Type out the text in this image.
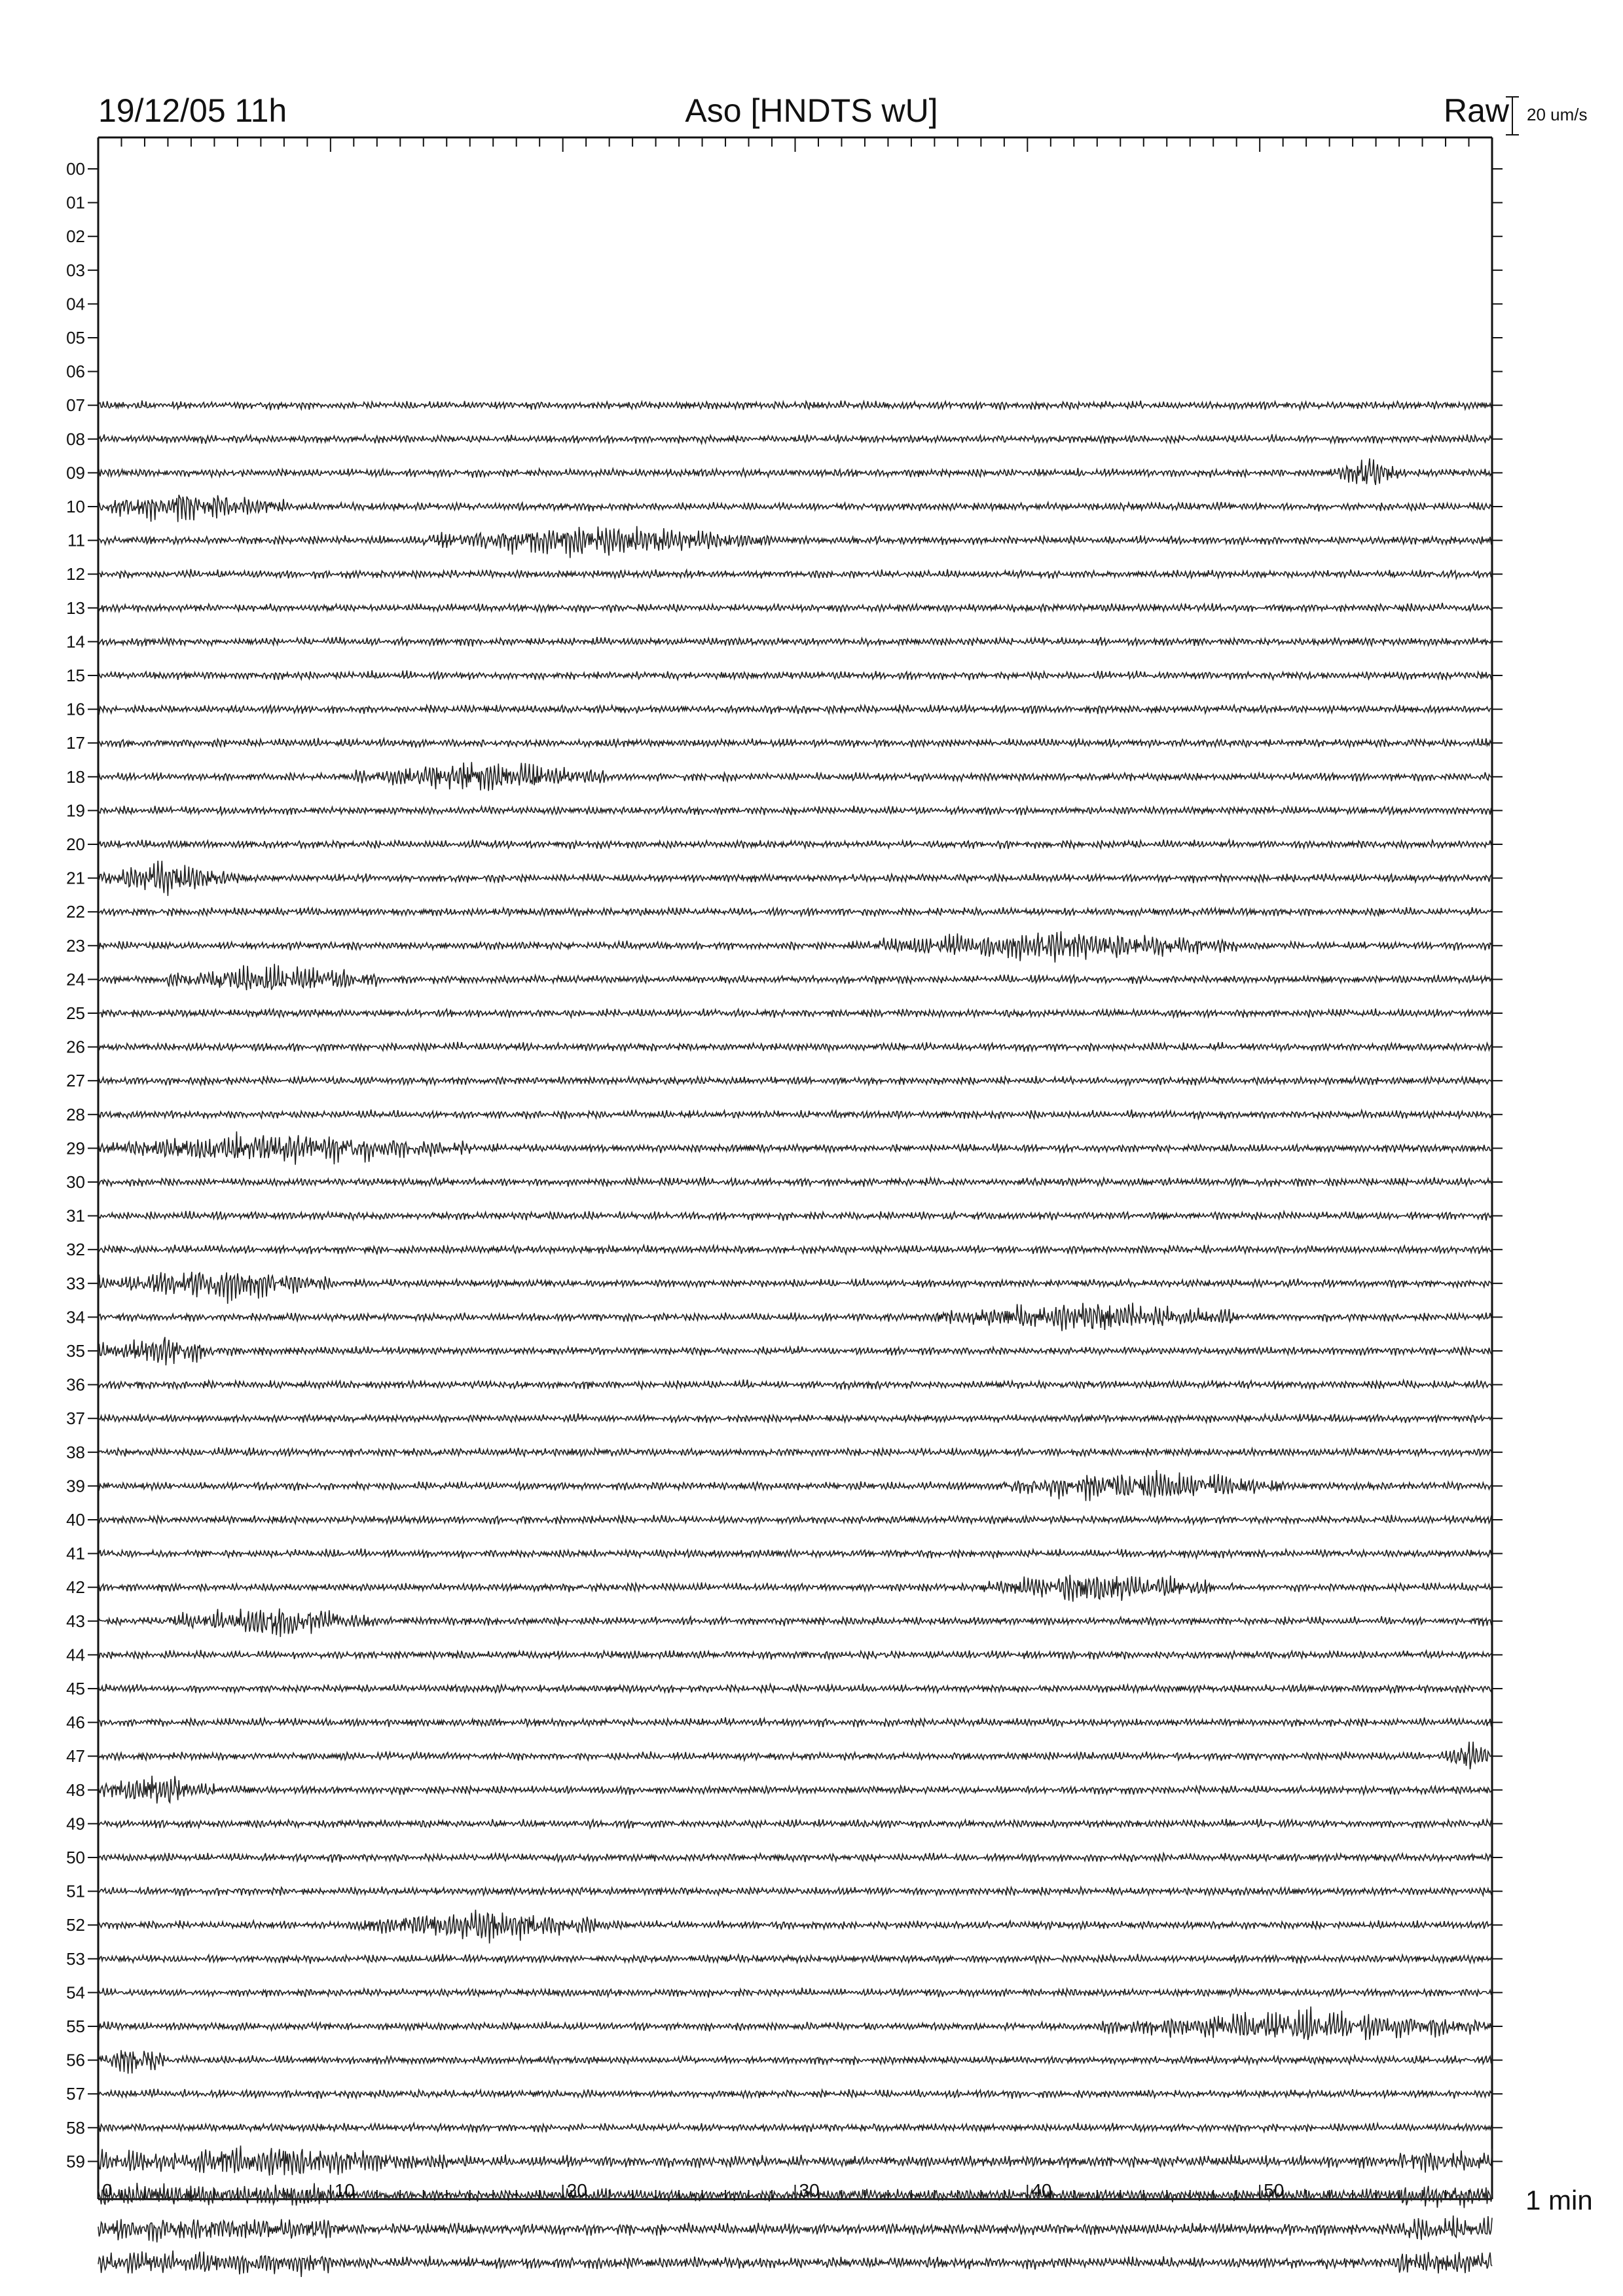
19/12/05 11h	Aso [HNDTS wU]	Raw 20 um/s
1 min
00
01
02
03
04
05
06
07
08
09
10
11
12
13
14
15
16
17
18
19
20
21
22
23
24
25
26
27
28
29
30
31
32
33
34
35
36
37
38
39
40
41
42
43
44
45
46
47
48
49
50
51
52
53
54
55
56
57
58
59
0	10	20	30	40	50
